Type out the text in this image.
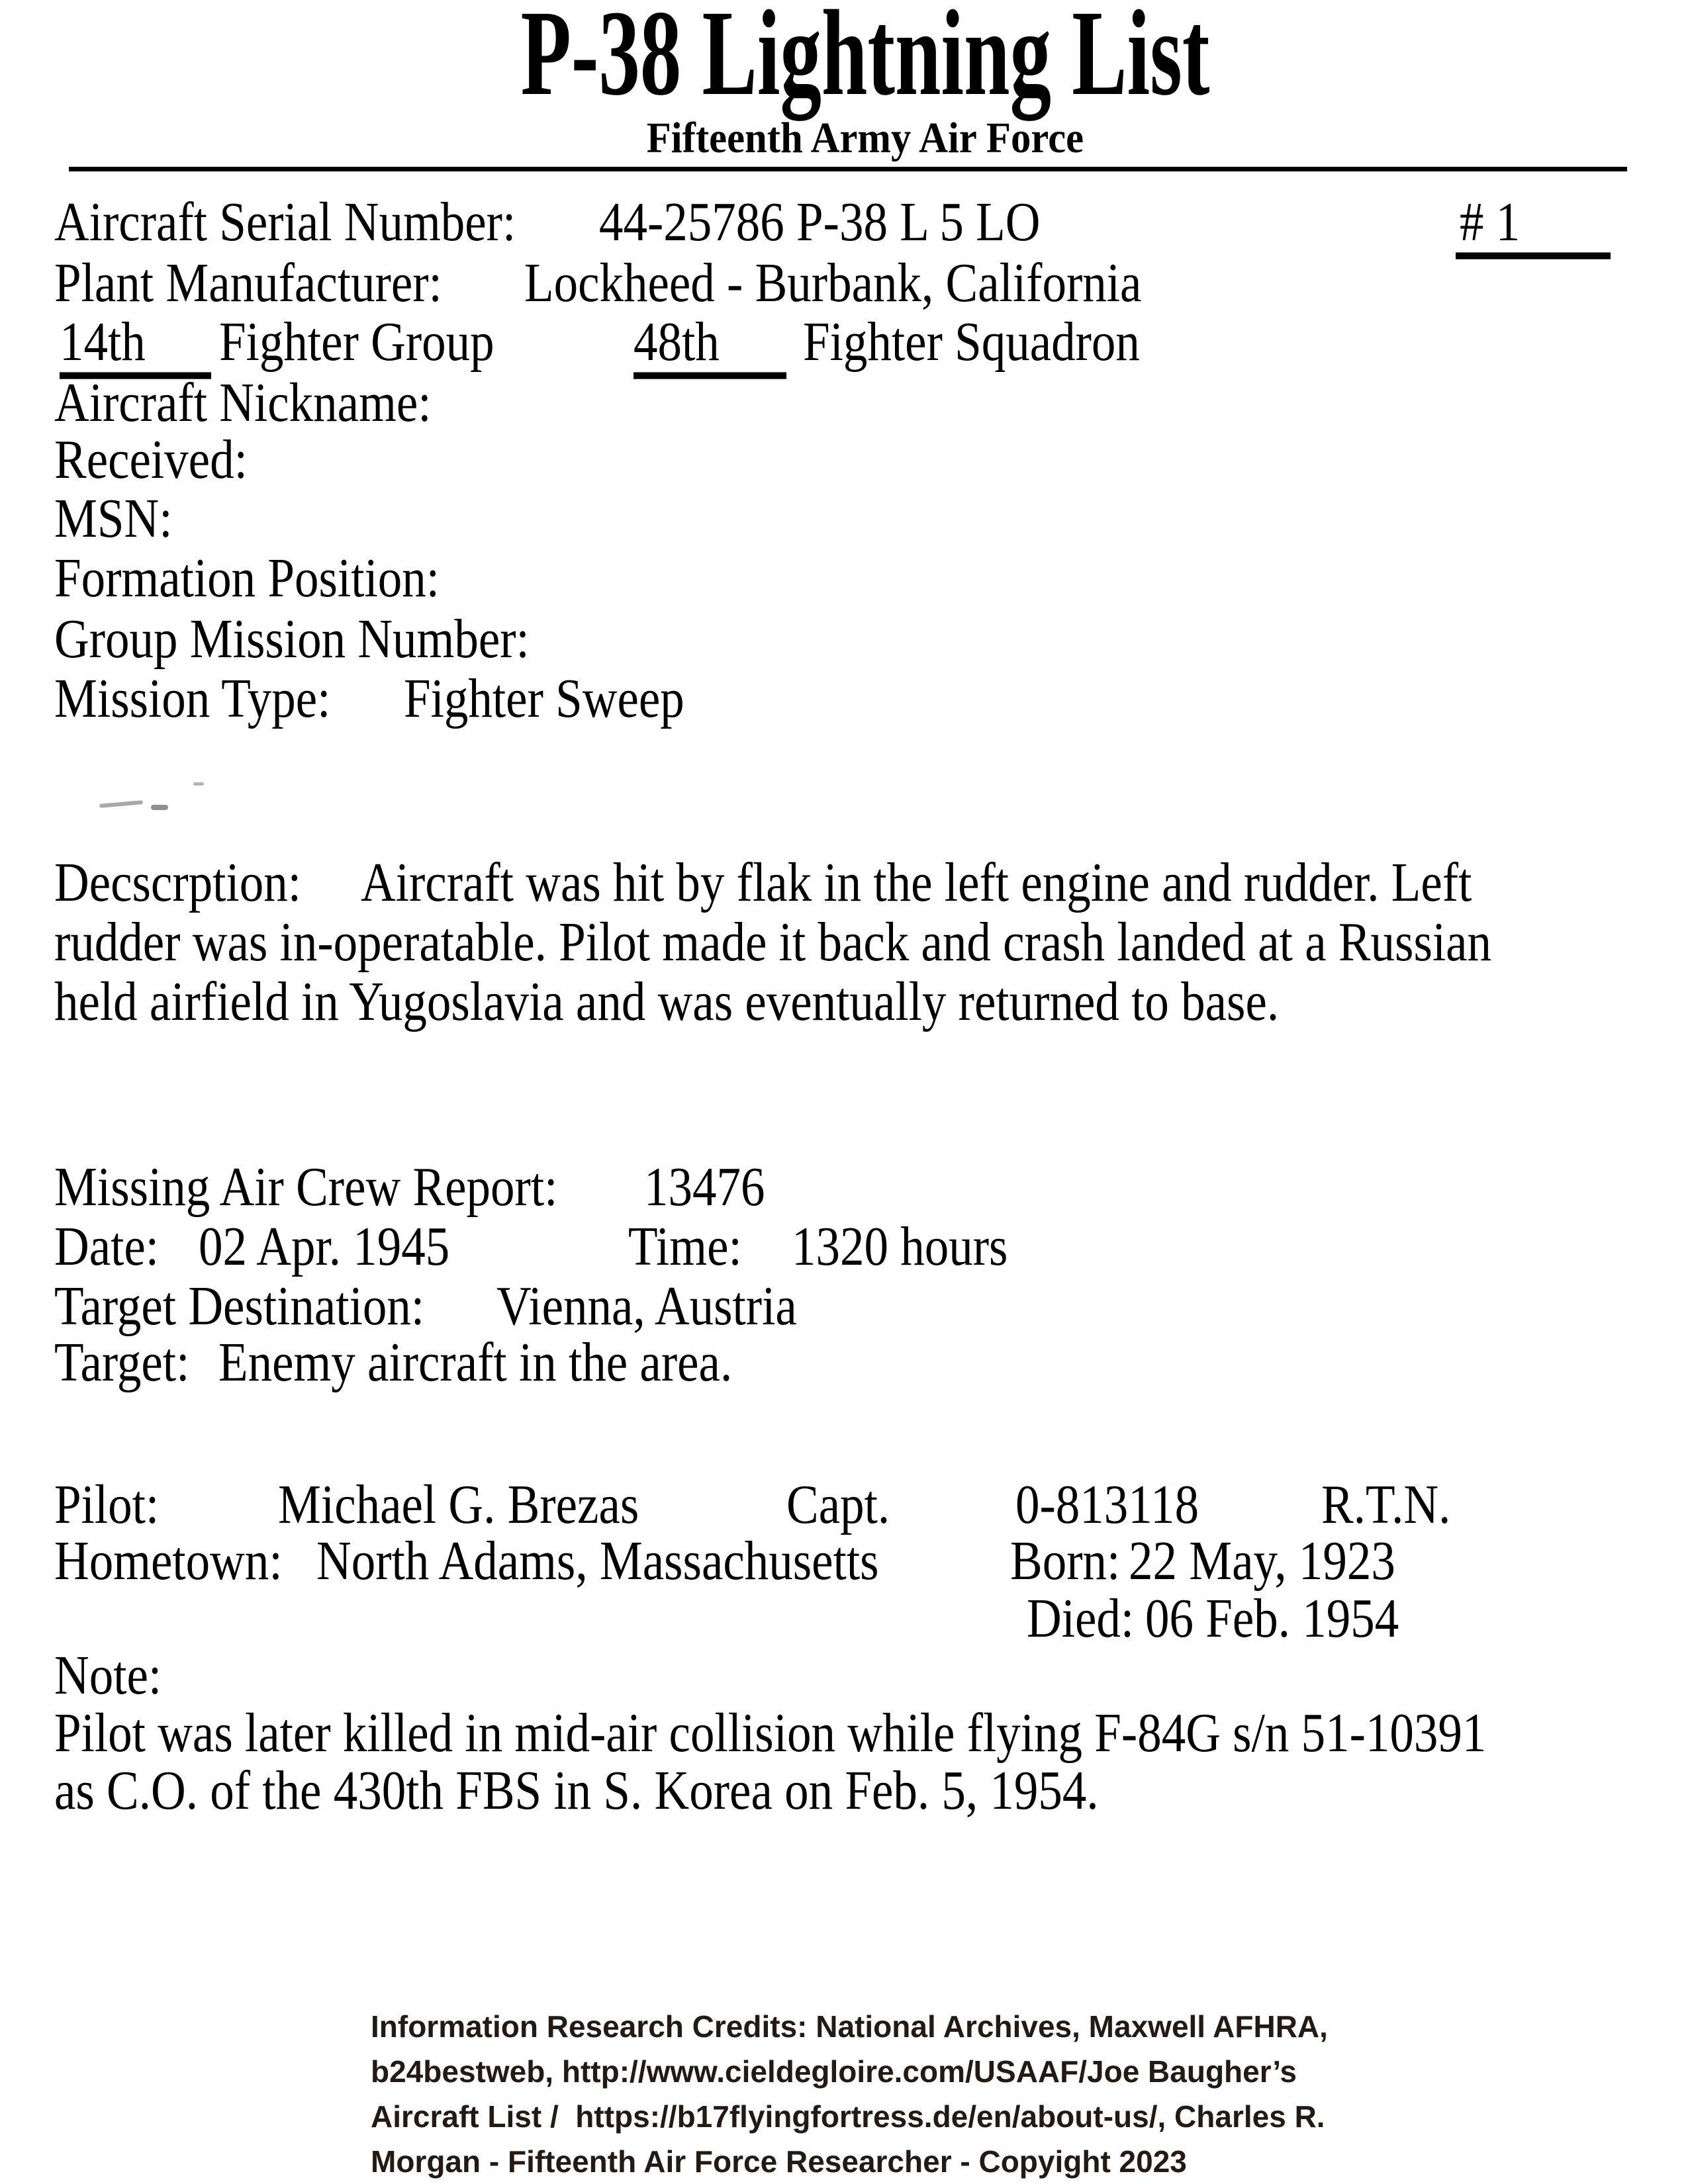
P-38 Lightning List
Fifteenth Army Air Force
Aircraft Serial Number: 44-25786 P-38 L 5 LO	# 1
Plant Manufacturer: Lockheed - Burbank, California
14th	Fighter Group	48th	Fighter Squadron
Aircraft Nickname:
Received:
MSN:
Formation Position:
Group Mission Number:
Mission Type: Fighter Sweep
Decscrption: Aircraft was hit by flak in the left engine and rudder. Left
rudder was in-operatable. Pilot made it back and crash landed at a Russian
held airfield in Yugoslavia and was eventually returned to base.
Missing Air Crew Report: 13476
Date: 02 Apr. 1945	Time: 1320 hours
Target Destination: Vienna, Austria
Target: Enemy aircraft in the area.
Pilot: Michael G. Brezas	Capt.	0-813118	R.T.N.
Hometown: North Adams, Massachusetts	Born: 22 May, 1923
Died: 06 Feb. 1954
Note:
Pilot was later killed in mid-air collision while flying F-84G s/n 51-10391
as C.O. of the 430th FBS in S. Korea on Feb. 5, 1954.
Information Research Credits: National Archives, Maxwell AFHRA,
b24bestweb, http://www.cieldegloire.com/USAAF/Joe Baugher’s
Aircraft List /  https://b17flyingfortress.de/en/about-us/, Charles R.
Morgan - Fifteenth Air Force Researcher - Copyight 2023
